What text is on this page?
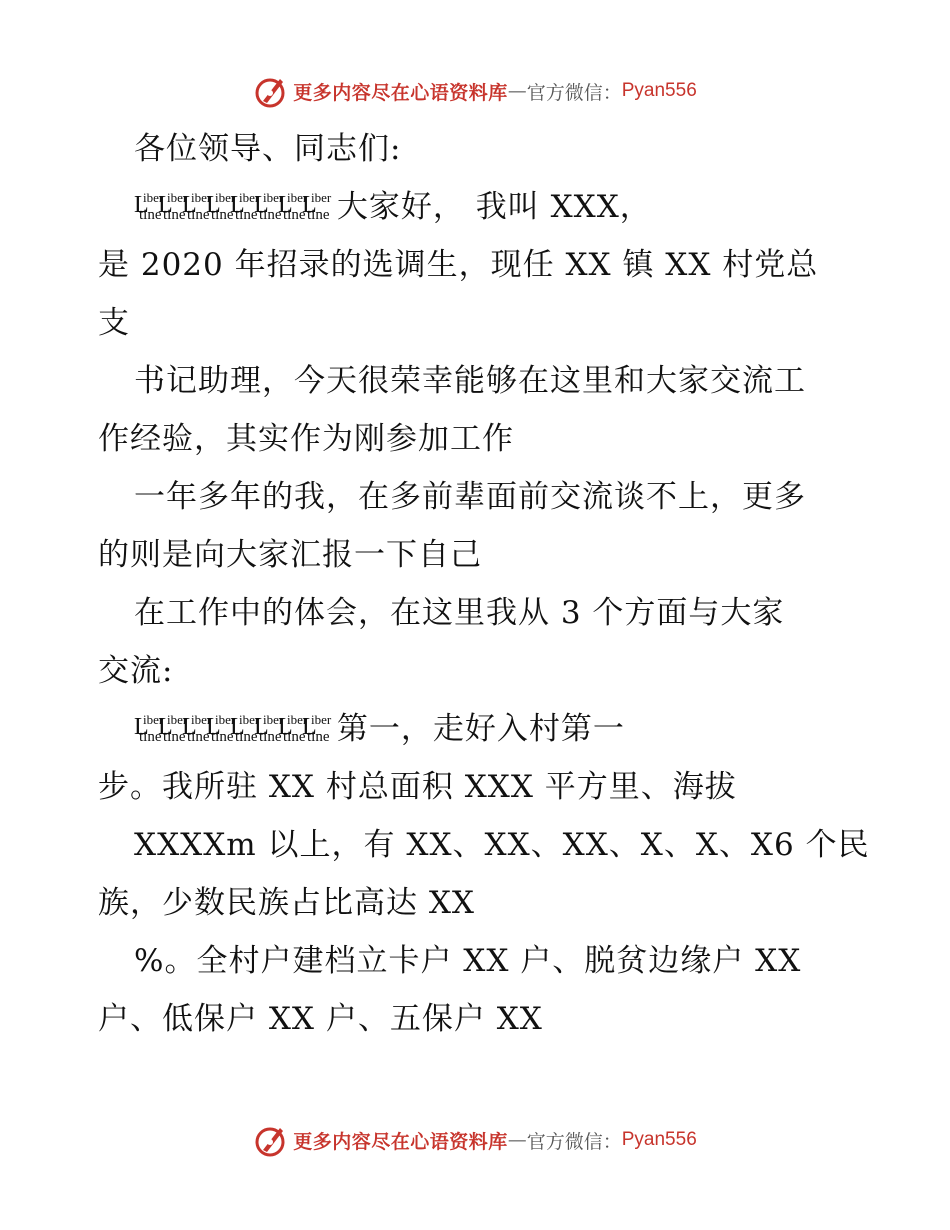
更多内容尽在心语资料库 — 官方微信： Pyan556
各位领导、同志们:
L
iber
tine
L
iber
tine
L
iber
tine
L
iber
tine
L
iber
tine
L
iber
tine
L
iber
tine
L
iber
tine 大家好， 我叫 XXX，
是 2020 年招录的选调生，现任 XX 镇 XX 村党总
支
书记助理，今天很荣幸能够在这里和大家交流工
作经验，其实作为刚参加工作
一年多年的我，在多前辈面前交流谈不上，更多
的则是向大家汇报一下自己
在工作中的体会，在这里我从 3 个方面与大家
交流:
L
iber
tine
L
iber
tine
L
iber
tine
L
iber
tine
L
iber
tine
L
iber
tine
L
iber
tine
L
iber
tine 第一，走好入村第一
步。我所驻 XX 村总面积 XXX 平方里、海拔
XXXXm 以上，有 XX、XX、XX、X、X、X6 个民
族，少数民族占比高达 XX
%。全村户建档立卡户 XX 户、脱贫边缘户 XX
户、低保户 XX 户、五保户 XX
更多内容尽在心语资料库 — 官方微信： Pyan556
